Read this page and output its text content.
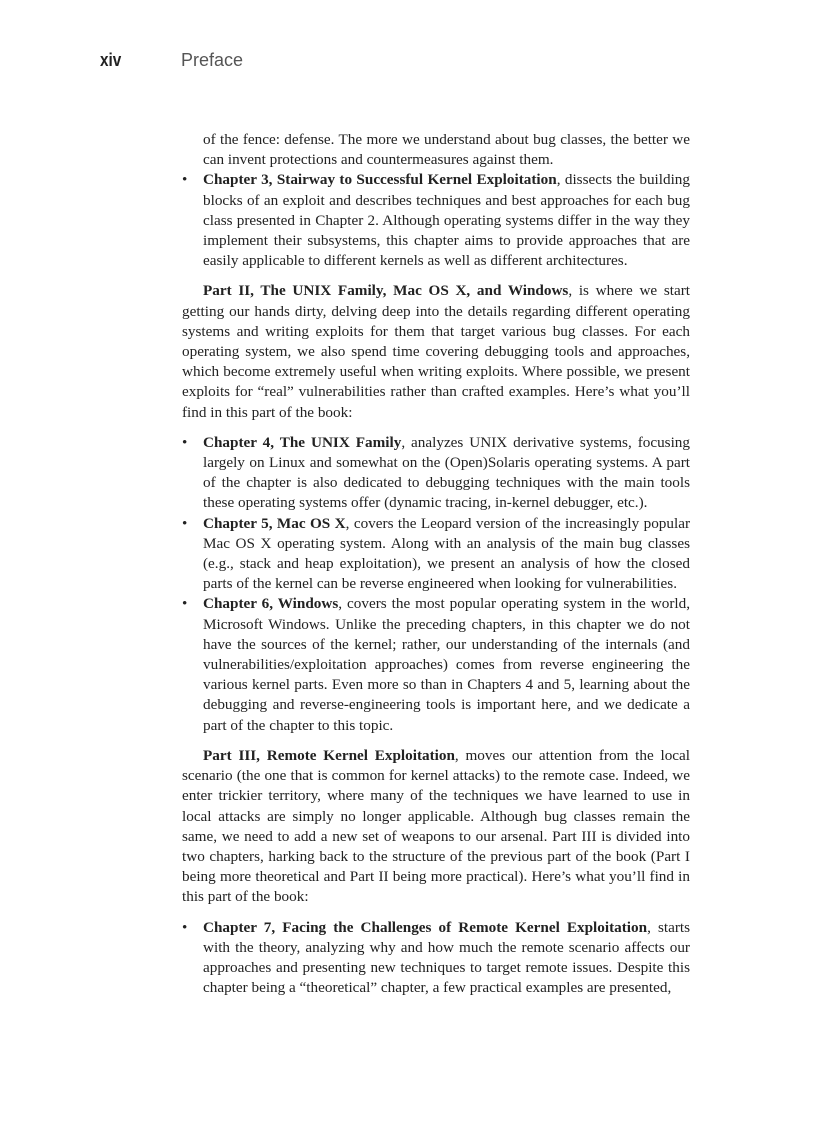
xiv	Preface

of the fence: defense. The more we understand about bug classes, the better we can invent protections and countermeasures against them.

• Chapter 3, Stairway to Successful Kernel Exploitation, dissects the building blocks of an exploit and describes techniques and best approaches for each bug class presented in Chapter 2. Although operating systems differ in the way they implement their subsystems, this chapter aims to provide approaches that are easily applicable to different kernels as well as different architectures.

Part II, The UNIX Family, Mac OS X, and Windows, is where we start getting our hands dirty, delving deep into the details regarding different operating systems and writing exploits for them that target various bug classes. For each operating system, we also spend time covering debugging tools and approaches, which become extremely useful when writing exploits. Where possible, we present exploits for “real” vulnerabilities rather than crafted examples. Here’s what you’ll find in this part of the book:

• Chapter 4, The UNIX Family, analyzes UNIX derivative systems, focusing largely on Linux and somewhat on the (Open)Solaris operating systems. A part of the chapter is also dedicated to debugging techniques with the main tools these operating systems offer (dynamic tracing, in-kernel debugger, etc.).
• Chapter 5, Mac OS X, covers the Leopard version of the increasingly popular Mac OS X operating system. Along with an analysis of the main bug classes (e.g., stack and heap exploitation), we present an analysis of how the closed parts of the kernel can be reverse engineered when looking for vulnerabilities.
• Chapter 6, Windows, covers the most popular operating system in the world, Microsoft Windows. Unlike the preceding chapters, in this chapter we do not have the sources of the kernel; rather, our understanding of the internals (and vulnerabilities/exploitation approaches) comes from reverse engineering the various kernel parts. Even more so than in Chapters 4 and 5, learning about the debugging and reverse-engineering tools is important here, and we dedicate a part of the chapter to this topic.

Part III, Remote Kernel Exploitation, moves our attention from the local scenario (the one that is common for kernel attacks) to the remote case. Indeed, we enter trickier territory, where many of the techniques we have learned to use in local attacks are simply no longer applicable. Although bug classes remain the same, we need to add a new set of weapons to our arsenal. Part III is divided into two chapters, harking back to the structure of the previous part of the book (Part I being more theoretical and Part II being more practical). Here’s what you’ll find in this part of the book:

• Chapter 7, Facing the Challenges of Remote Kernel Exploitation, starts with the theory, analyzing why and how much the remote scenario affects our approaches and presenting new techniques to target remote issues. Despite this chapter being a “theoretical” chapter, a few practical examples are presented,
